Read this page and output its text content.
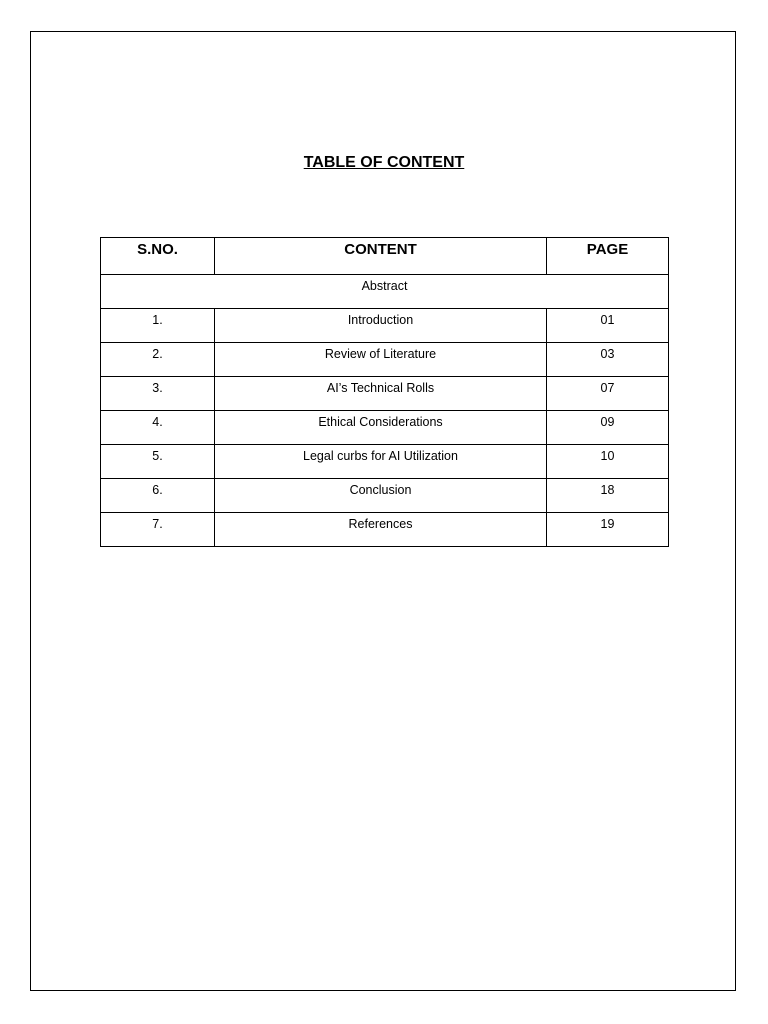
TABLE OF CONTENT
S.NO.	CONTENT	PAGE
Abstract		
1.	Introduction	01
2.	Review of Literature	03
3.	AI’s Technical Rolls	07
4.	Ethical Considerations	09
5.	Legal curbs for AI Utilization	10
6.	Conclusion	18
7.	References	19
